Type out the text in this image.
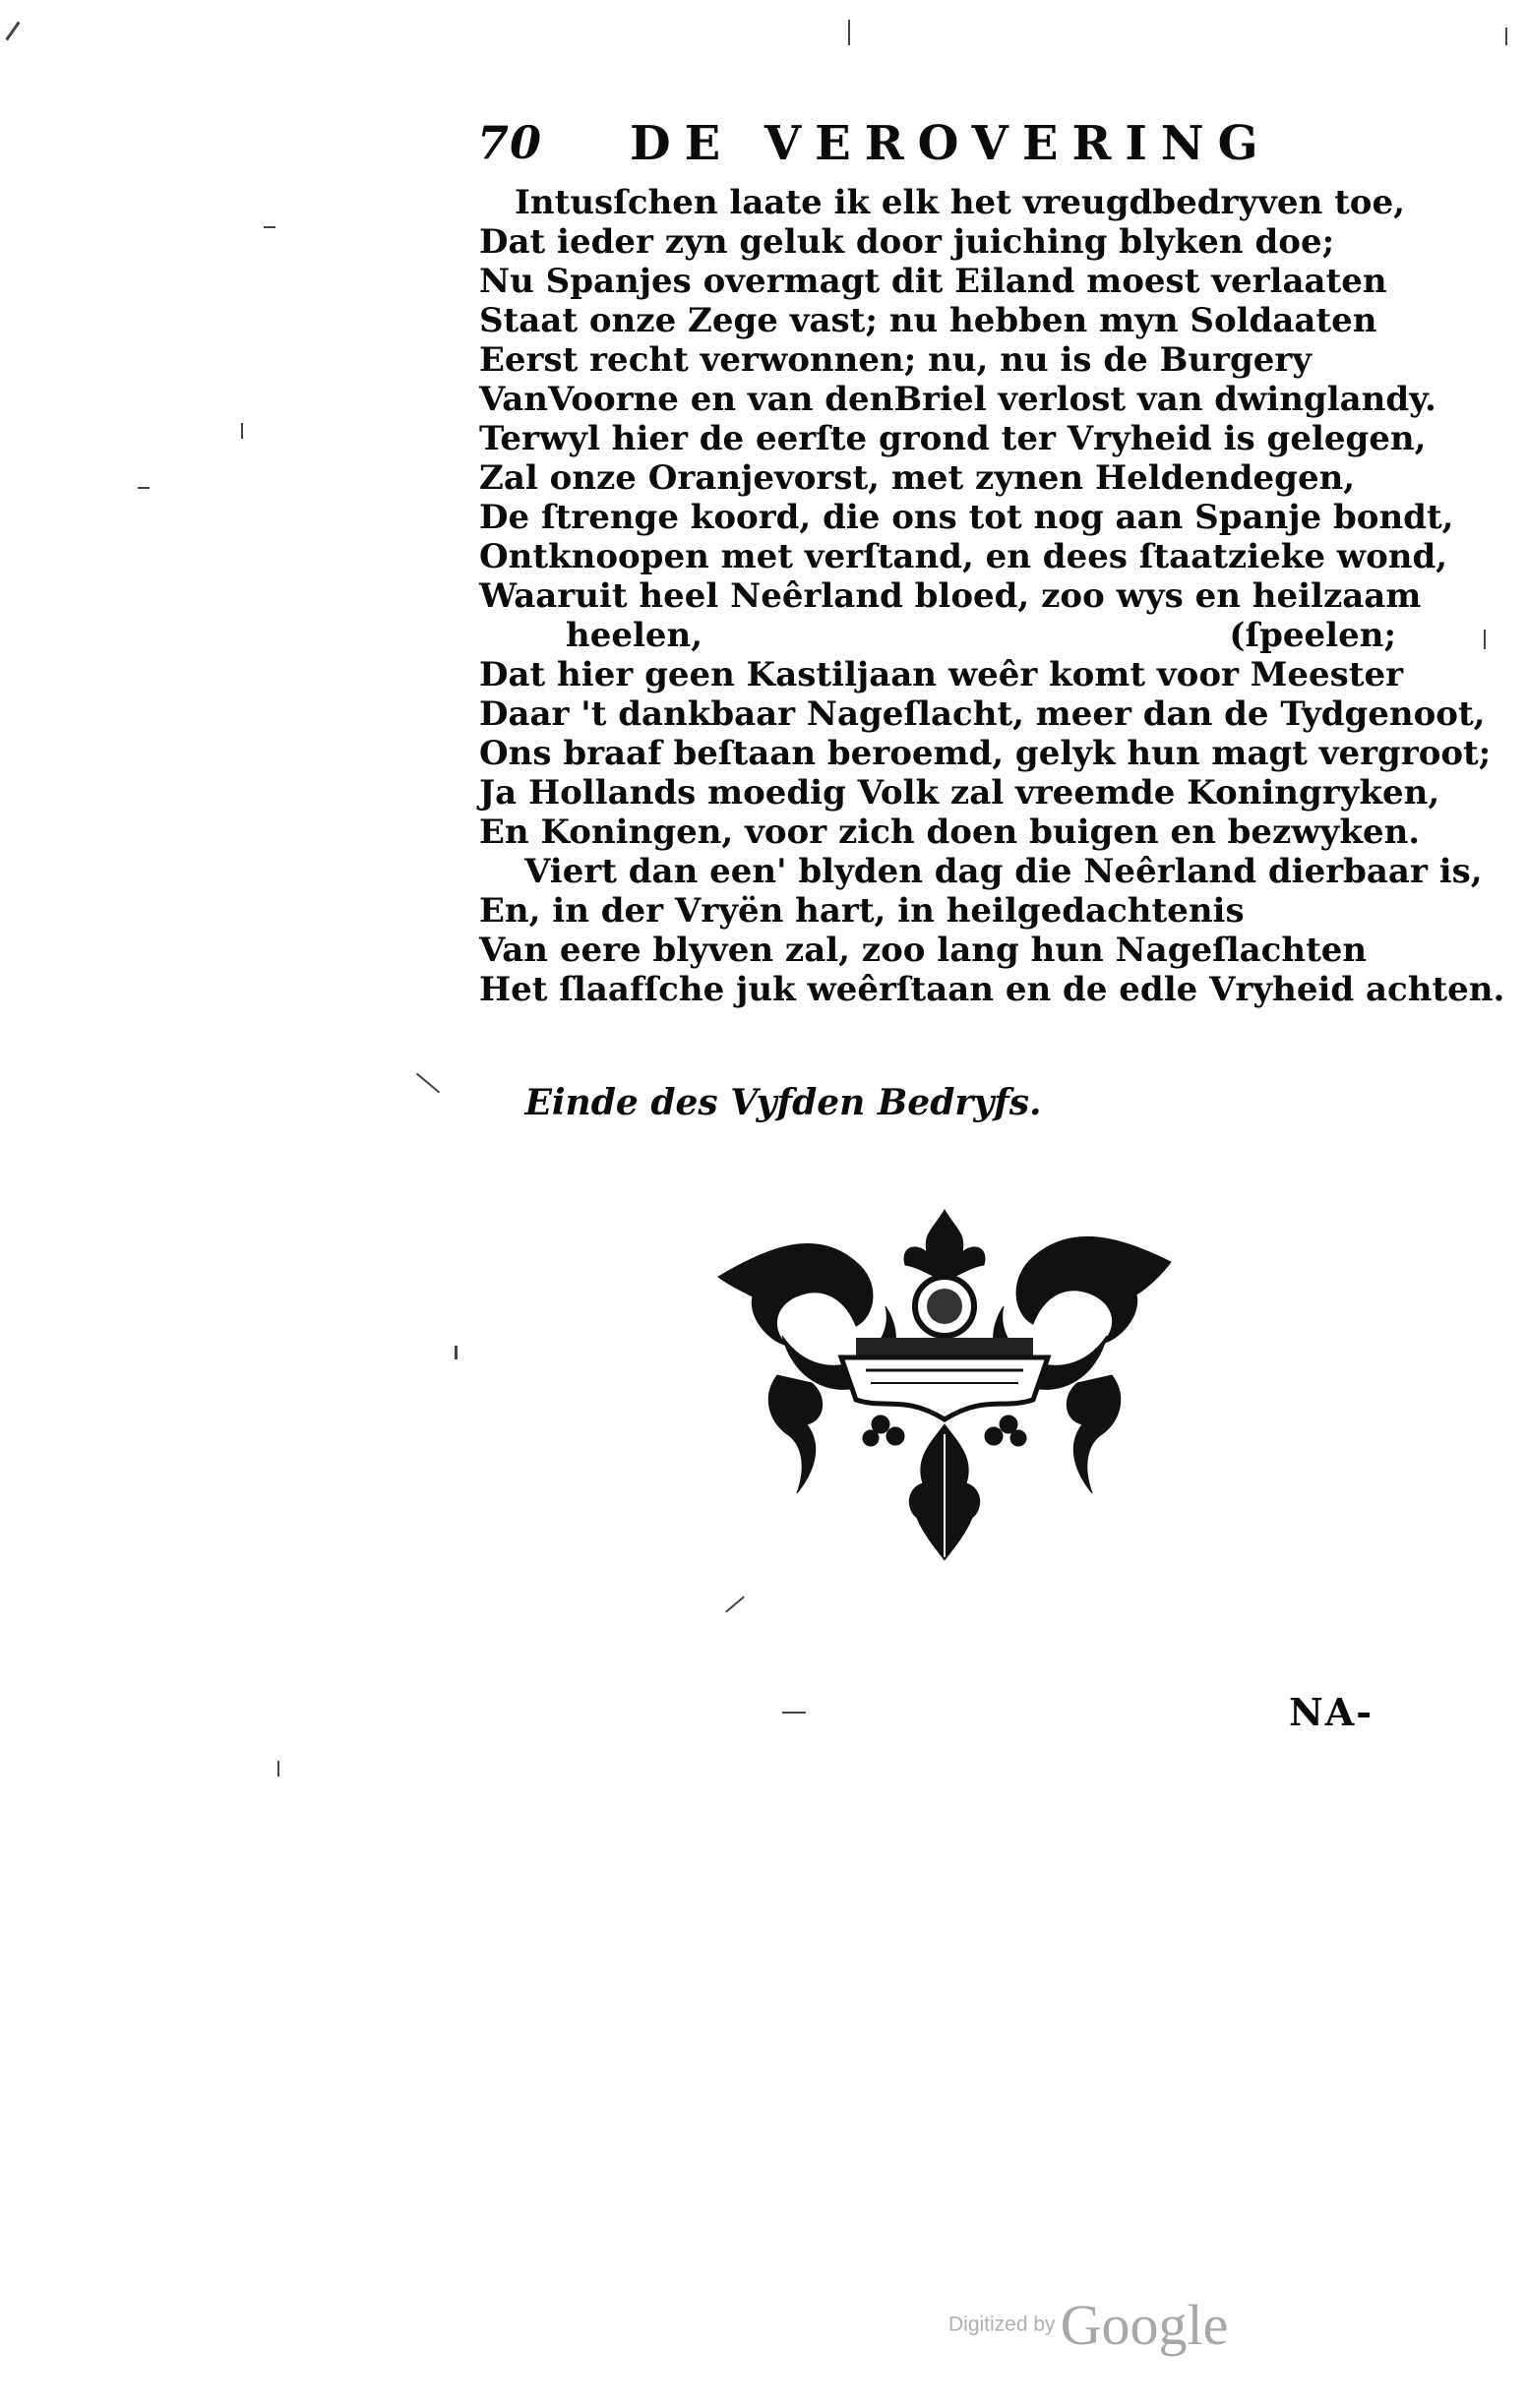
70 DE VEROVERING
Intusſchen laate ik elk het vreugdbedryven toe,
Dat ieder zyn geluk door juiching blyken doe;
Nu Spanjes overmagt dit Eiland moest verlaaten
Staat onze Zege vast; nu hebben myn Soldaaten
Eerst recht verwonnen; nu, nu is de Burgery
VanVoorne en van denBriel verlost van dwinglandy.
Terwyl hier de eerſte grond ter Vryheid is gelegen,
Zal onze Oranjevorst, met zynen Heldendegen,
De ſtrenge koord, die ons tot nog aan Spanje bondt,
Ontknoopen met verſtand, en dees ſtaatzieke wond,
Waaruit heel Neêrland bloed, zoo wys en heilzaam
heelen,	(ſpeelen;
Dat hier geen Kastiljaan weêr komt voor Meester
Daar 't dankbaar Nageſlacht, meer dan de Tydgenoot,
Ons braaf beſtaan beroemd, gelyk hun magt vergroot;
Ja Hollands moedig Volk zal vreemde Koningryken,
En Koningen, voor zich doen buigen en bezwyken.
Viert dan een' blyden dag die Neêrland dierbaar is,
En, in der Vryën hart, in heilgedachtenis
Van eere blyven zal, zoo lang hun Nageſlachten
Het ſlaafſche juk weêrſtaan en de edle Vryheid achten.
Einde des Vyfden Bedryfs.
NA-
Digitized by Google
